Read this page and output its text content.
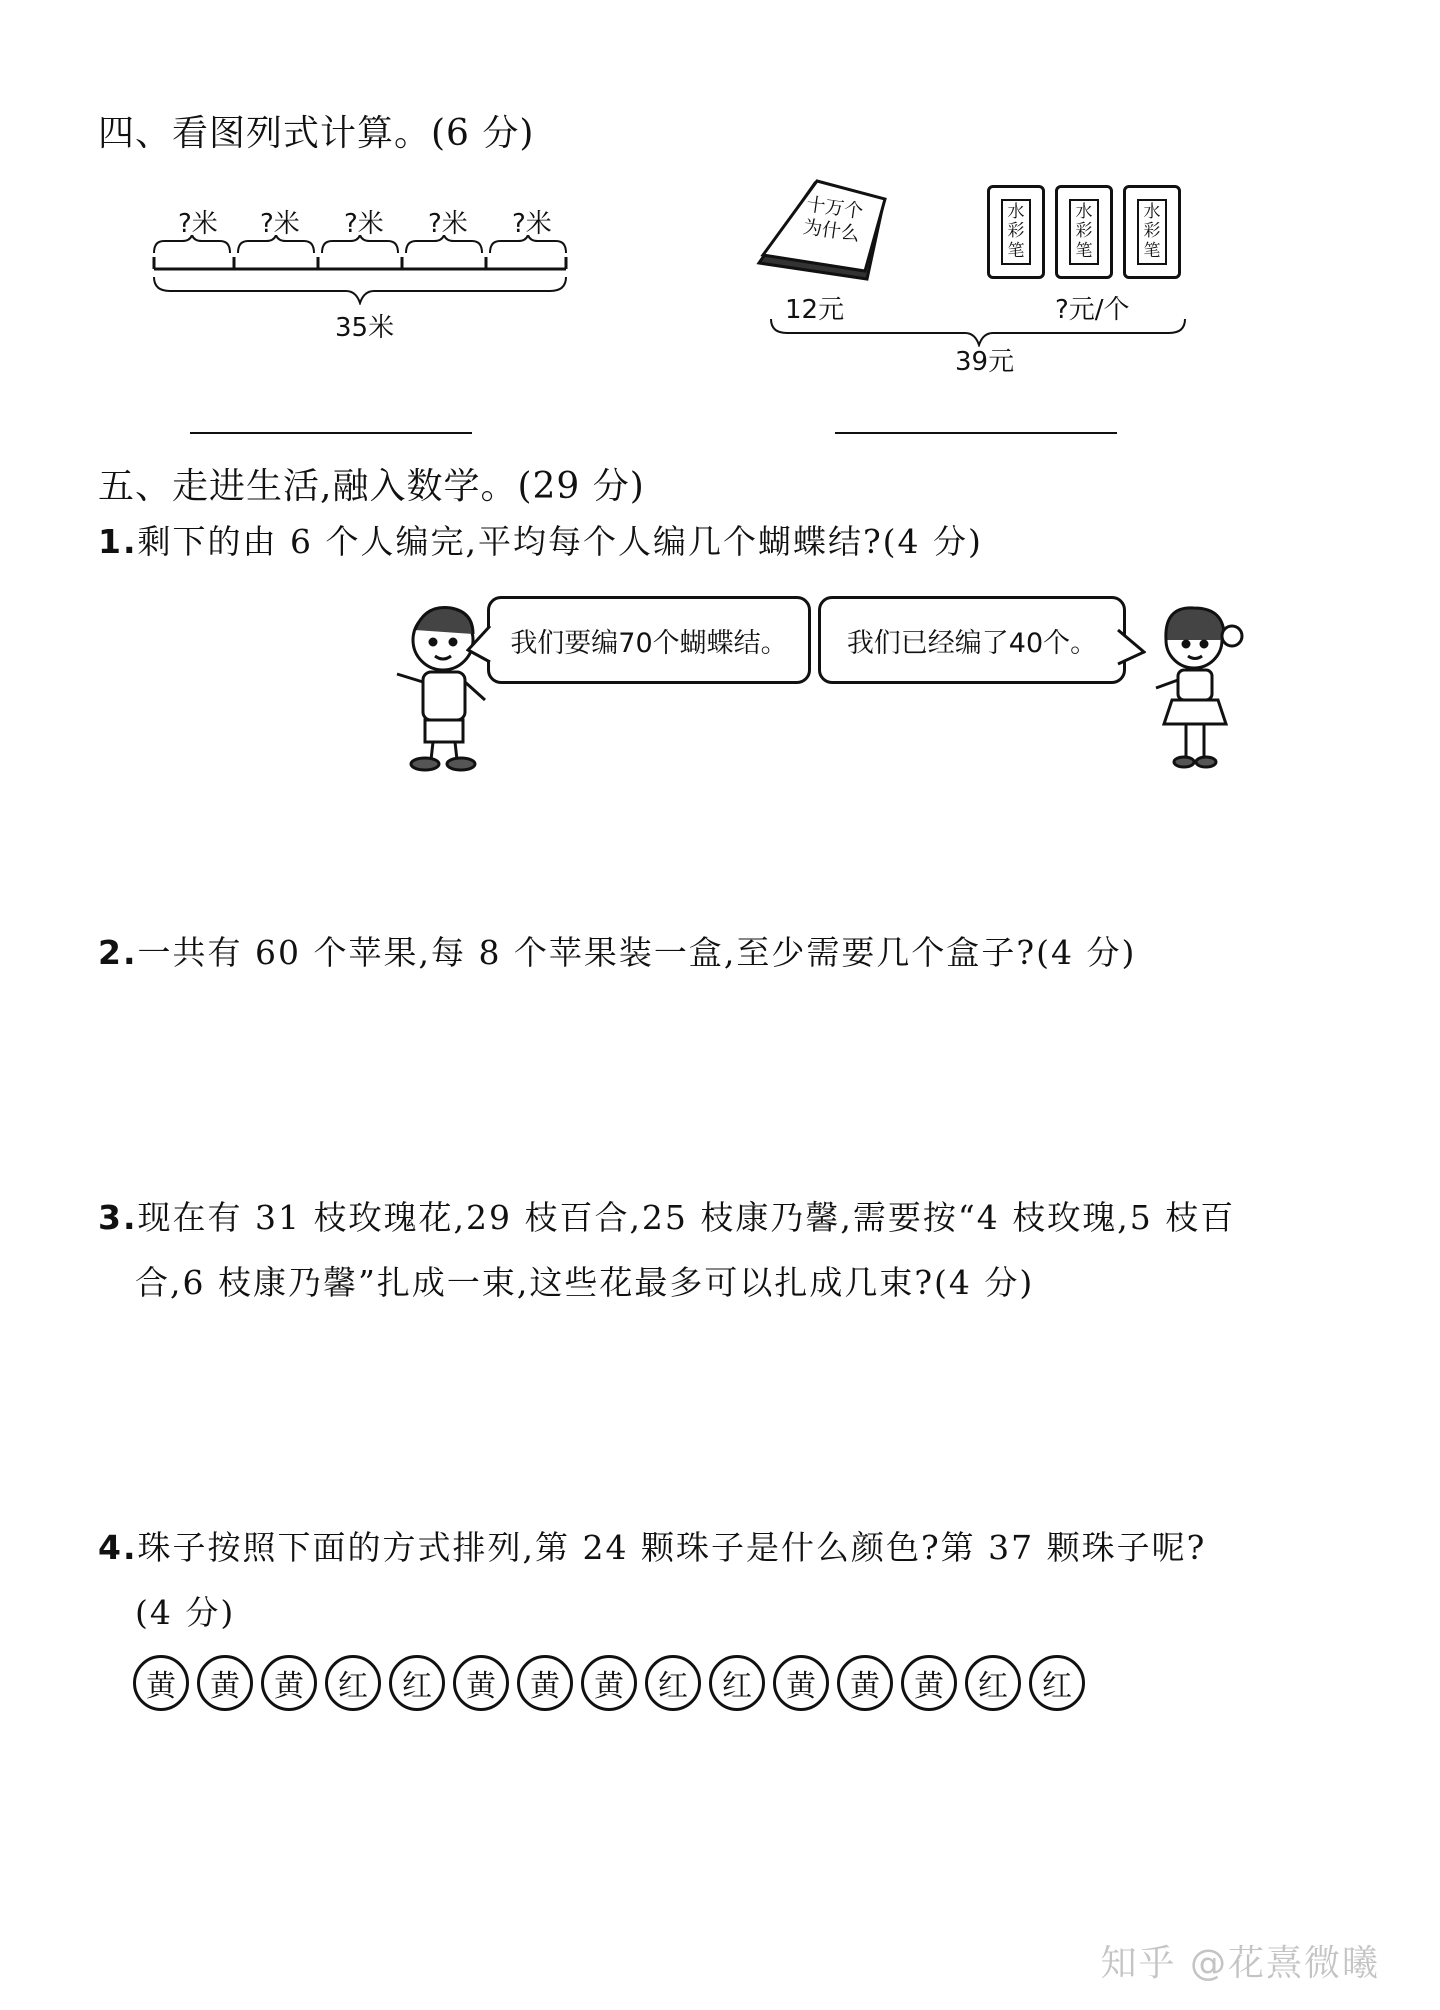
四、看图列式计算。(6 分)
?米 ?米 ?米 ?米 ?米
35米
十万个为什么
水彩笔
水彩笔
水彩笔
12元	?元/个
39元
五、走进生活,融入数学。(29 分)
1.剩下的由 6 个人编完,平均每个人编几个蝴蝶结?(4 分)
我们要编70个蝴蝶结。 我们已经编了40个。
2.一共有 60 个苹果,每 8 个苹果装一盒,至少需要几个盒子?(4 分)
3.现在有 31 枝玫瑰花,29 枝百合,25 枝康乃馨,需要按“4 枝玫瑰,5 枝百
合,6 枝康乃馨”扎成一束,这些花最多可以扎成几束?(4 分)
4.珠子按照下面的方式排列,第 24 颗珠子是什么颜色?第 37 颗珠子呢?
(4 分)
黄	黄	黄	红	红	黄	黄	黄	红	红	黄	黄	黄	红	红
知乎 @花熹微曦
